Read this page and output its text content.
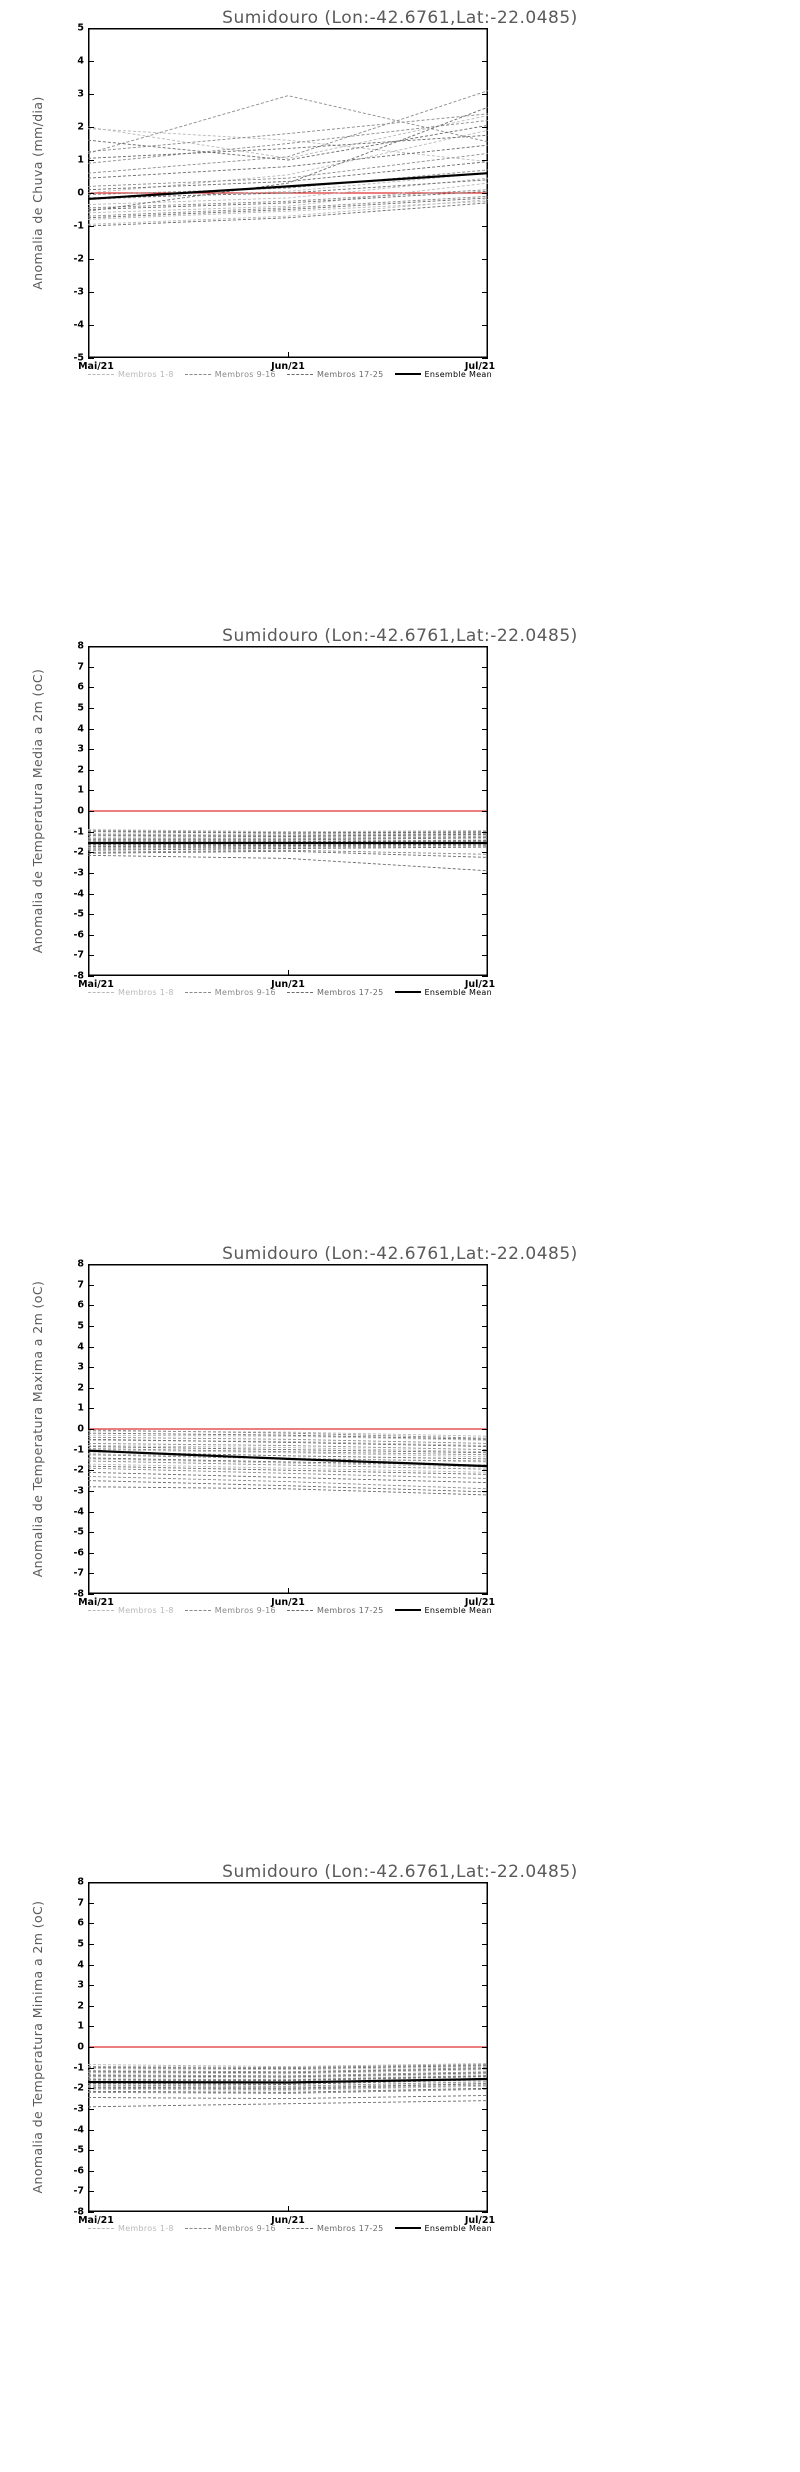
Sumidouro (Lon:-42.6761,Lat:-22.0485)
Anomalia de Chuva (mm/dia)
-5
-4
-3
-2
-1
0
1
2
3
4
5
Mai/21	Jun/21	Jul/21
Membros 1-8	Membros 9-16	Membros 17-25	Ensemble Mean
Sumidouro (Lon:-42.6761,Lat:-22.0485)
Anomalia de Temperatura Media a 2m (oC)
-8
-7
-6
-5
-4
-3
-2
-1
0
1
2
3
4
5
6
7
8
Mai/21	Jun/21	Jul/21
Membros 1-8	Membros 9-16	Membros 17-25	Ensemble Mean
Sumidouro (Lon:-42.6761,Lat:-22.0485)
Anomalia de Temperatura Maxima a 2m (oC)
-8
-7
-6
-5
-4
-3
-2
-1
0
1
2
3
4
5
6
7
8
Mai/21	Jun/21	Jul/21
Membros 1-8	Membros 9-16	Membros 17-25	Ensemble Mean
Sumidouro (Lon:-42.6761,Lat:-22.0485)
Anomalia de Temperatura Minima a 2m (oC)
-8
-7
-6
-5
-4
-3
-2
-1
0
1
2
3
4
5
6
7
8
Mai/21	Jun/21	Jul/21
Membros 1-8	Membros 9-16	Membros 17-25	Ensemble Mean
